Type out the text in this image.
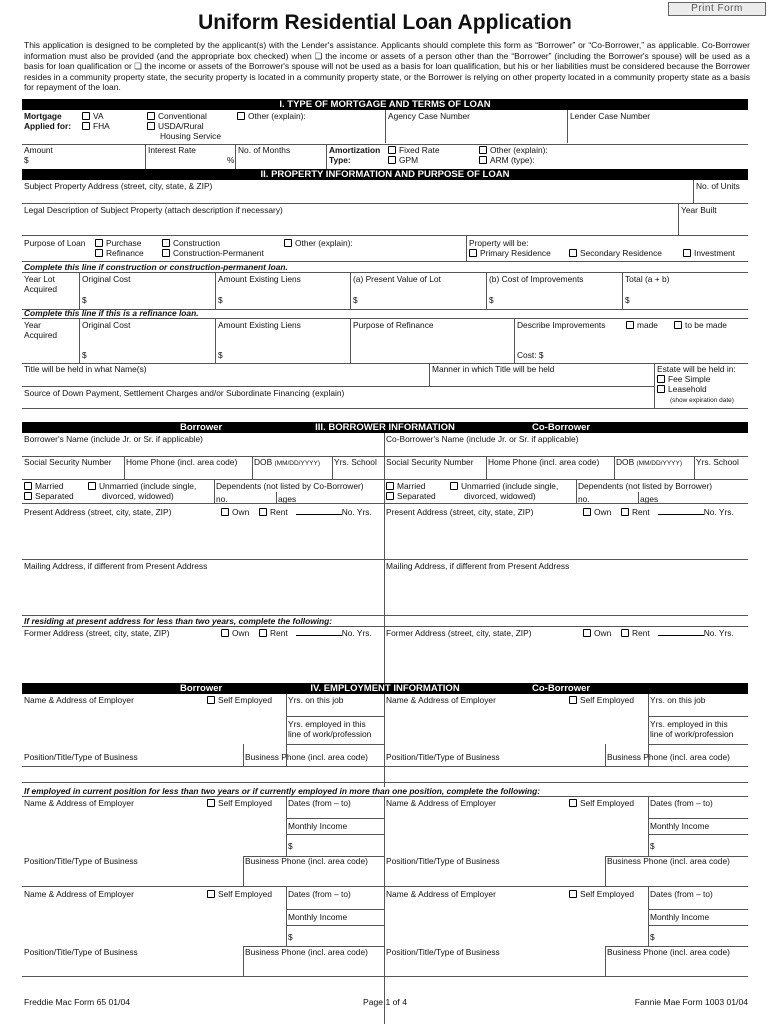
Print Form
Uniform Residential Loan Application
This application is designed to be completed by the applicant(s) with the Lender's assistance. Applicants should complete this form as “Borrower” or “Co-Borrower,” as applicable. Co-Borrower information must also be provided (and the appropriate box checked) when ❏ the income or assets of a person other than the “Borrower” (including the Borrower's spouse) will be used as a basis for loan qualification or ❏ the income or assets of the Borrower's spouse will not be used as a basis for loan qualification, but his or her liabilities must be considered because the Borrower resides in a community property state, the security property is located in a community property state, or the Borrower is relying on other property located in a community property state as a basis for repayment of the loan.
I. TYPE OF MORTGAGE AND TERMS OF LOAN
Mortgage
Applied for:
VA
FHA
Conventional
USDA/Rural
Housing Service
Other (explain):	Agency Case Number	Lender Case Number
Amount
$
Interest Rate
%
No. of Months	Amortization
Type:
Fixed Rate
GPM
Other (explain):
ARM (type):
II. PROPERTY INFORMATION AND PURPOSE OF LOAN
Subject Property Address (street, city, state, & ZIP)	No. of Units
Legal Description of Subject Property (attach description if necessary)	Year Built
Purpose of Loan	Purchase
Refinance
Construction
Construction-Permanent
Other (explain):	Property will be:
Primary Residence	Secondary Residence	Investment
Complete this line if construction or construction-permanent loan.
Year Lot
Acquired
Original Cost
$
Amount Existing Liens
$
(a) Present Value of Lot
$
(b) Cost of Improvements
$
Total (a + b)
$
Complete this line if this is a refinance loan.
Year
Acquired
Original Cost
$
Amount Existing Liens
$
Purpose of Refinance	Describe Improvements	made	to be made
Cost: $
Title will be held in what Name(s)	Manner in which Title will be held	Estate will be held in:
Fee Simple
Leasehold
(show expiration date)
Source of Down Payment, Settlement Charges and/or Subordinate Financing (explain)
Borrower	III. BORROWER INFORMATION	Co-Borrower
Borrower's Name (include Jr. or Sr. if applicable)	Co-Borrower's Name (include Jr. or Sr. if applicable)
Social Security Number Home Phone (incl. area code) DOB (MM/DD/YYYY) Yrs. School Social Security Number Home Phone (incl. area code) DOB (MM/DD/YYYY) Yrs. School
Married
Separated
Unmarried (include single,
divorced, widowed)
Dependents (not listed by Co-Borrower)
no.	ages
Married
Separated
Unmarried (include single,
divorced, widowed)
Dependents (not listed by Borrower)
no.	ages
Present Address (street, city, state, ZIP)	Own	Rent	No. Yrs. Present Address (street, city, state, ZIP)	Own	Rent	No. Yrs.
Mailing Address, if different from Present Address	Mailing Address, if different from Present Address
If residing at present address for less than two years, complete the following:
Former Address (street, city, state, ZIP)	Own	Rent	No. Yrs. Former Address (street, city, state, ZIP)	Own	Rent	No. Yrs.
Borrower	IV. EMPLOYMENT INFORMATION	Co-Borrower
Name & Address of Employer	Self Employed Yrs. on this job
Yrs. employed in this
line of work/profession
Name & Address of Employer	Self Employed Yrs. on this job
Yrs. employed in this
line of work/profession
Position/Title/Type of Business	Business Phone (incl. area code) Position/Title/Type of Business	Business Phone (incl. area code)
If employed in current position for less than two years or if currently employed in more than one position, complete the following:
Name & Address of Employer	Self Employed Dates (from – to)
Monthly Income
$
Name & Address of Employer	Self Employed Dates (from – to)
Monthly Income
$
Position/Title/Type of Business	Business Phone (incl. area code) Position/Title/Type of Business	Business Phone (incl. area code)
Name & Address of Employer	Self Employed Dates (from – to)
Monthly Income
$
Name & Address of Employer	Self Employed Dates (from – to)
Monthly Income
$
Position/Title/Type of Business	Business Phone (incl. area code) Position/Title/Type of Business	Business Phone (incl. area code)
Freddie Mac Form 65 01/04	Page 1 of 4	Fannie Mae Form 1003 01/04
